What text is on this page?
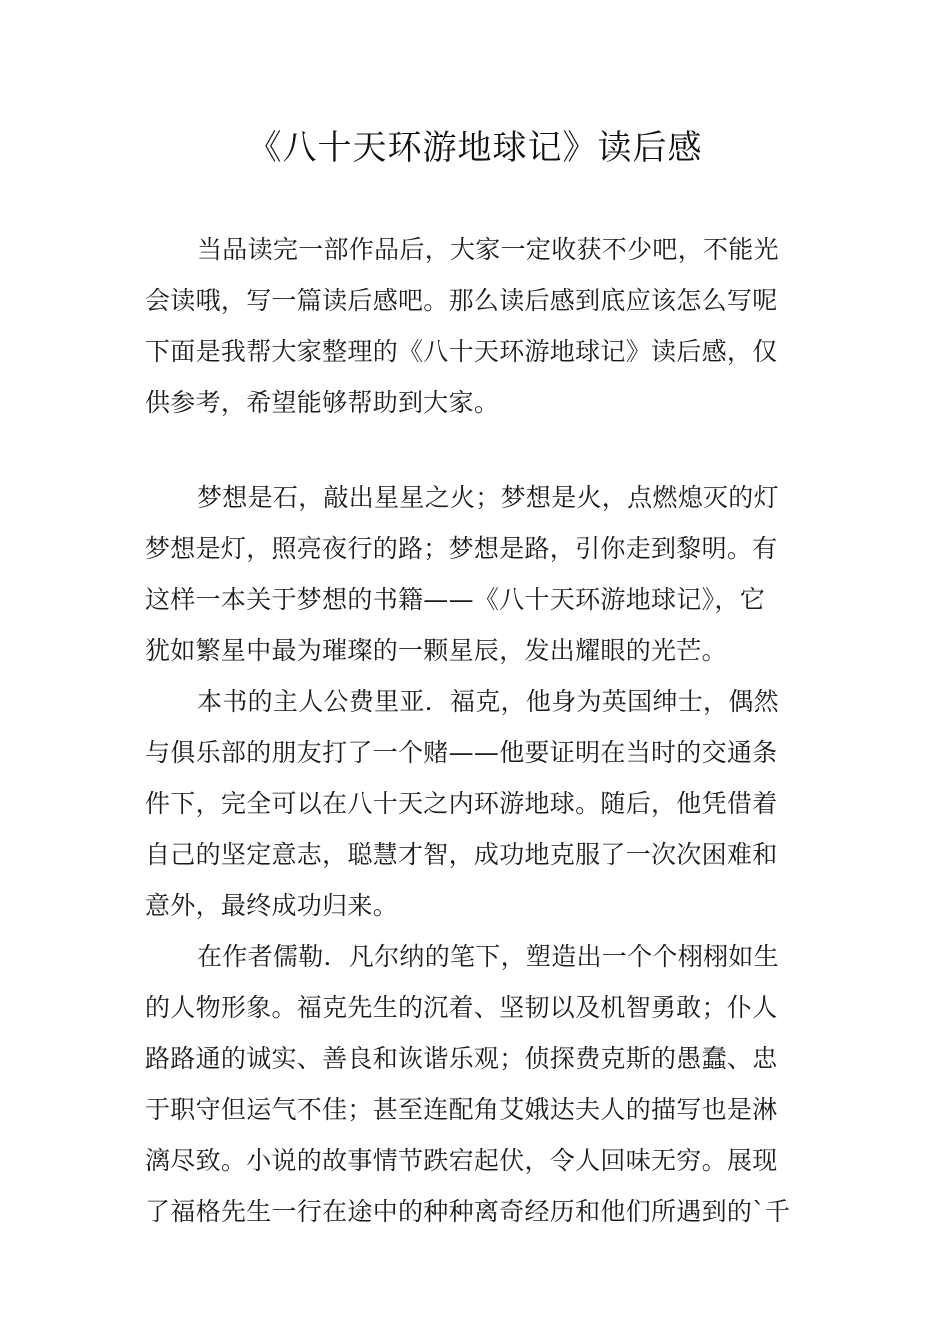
《八十天环游地球记》读后感
当品读完一部作品后，大家一定收获不少吧，不能光
会读哦，写一篇读后感吧。那么读后感到底应该怎么写呢
下面是我帮大家整理的《八十天环游地球记》读后感，仅
供参考，希望能够帮助到大家。
梦想是石，敲出星星之火；梦想是火，点燃熄灭的灯
梦想是灯，照亮夜行的路；梦想是路，引你走到黎明。有
这样一本关于梦想的书籍——《八十天环游地球记》，它
犹如繁星中最为璀璨的一颗星辰，发出耀眼的光芒。
本书的主人公费里亚．福克，他身为英国绅士，偶然
与俱乐部的朋友打了一个赌——他要证明在当时的交通条
件下，完全可以在八十天之内环游地球。随后，他凭借着
自己的坚定意志，聪慧才智，成功地克服了一次次困难和
意外，最终成功归来。
在作者儒勒．凡尔纳的笔下，塑造出一个个栩栩如生
的人物形象。福克先生的沉着、坚韧以及机智勇敢；仆人
路路通的诚实、善良和诙谐乐观；侦探费克斯的愚蠢、忠
于职守但运气不佳；甚至连配角艾娥达夫人的描写也是淋
漓尽致。小说的故事情节跌宕起伏，令人回味无穷。展现
了福格先生一行在途中的种种离奇经历和他们所遇到的`千
